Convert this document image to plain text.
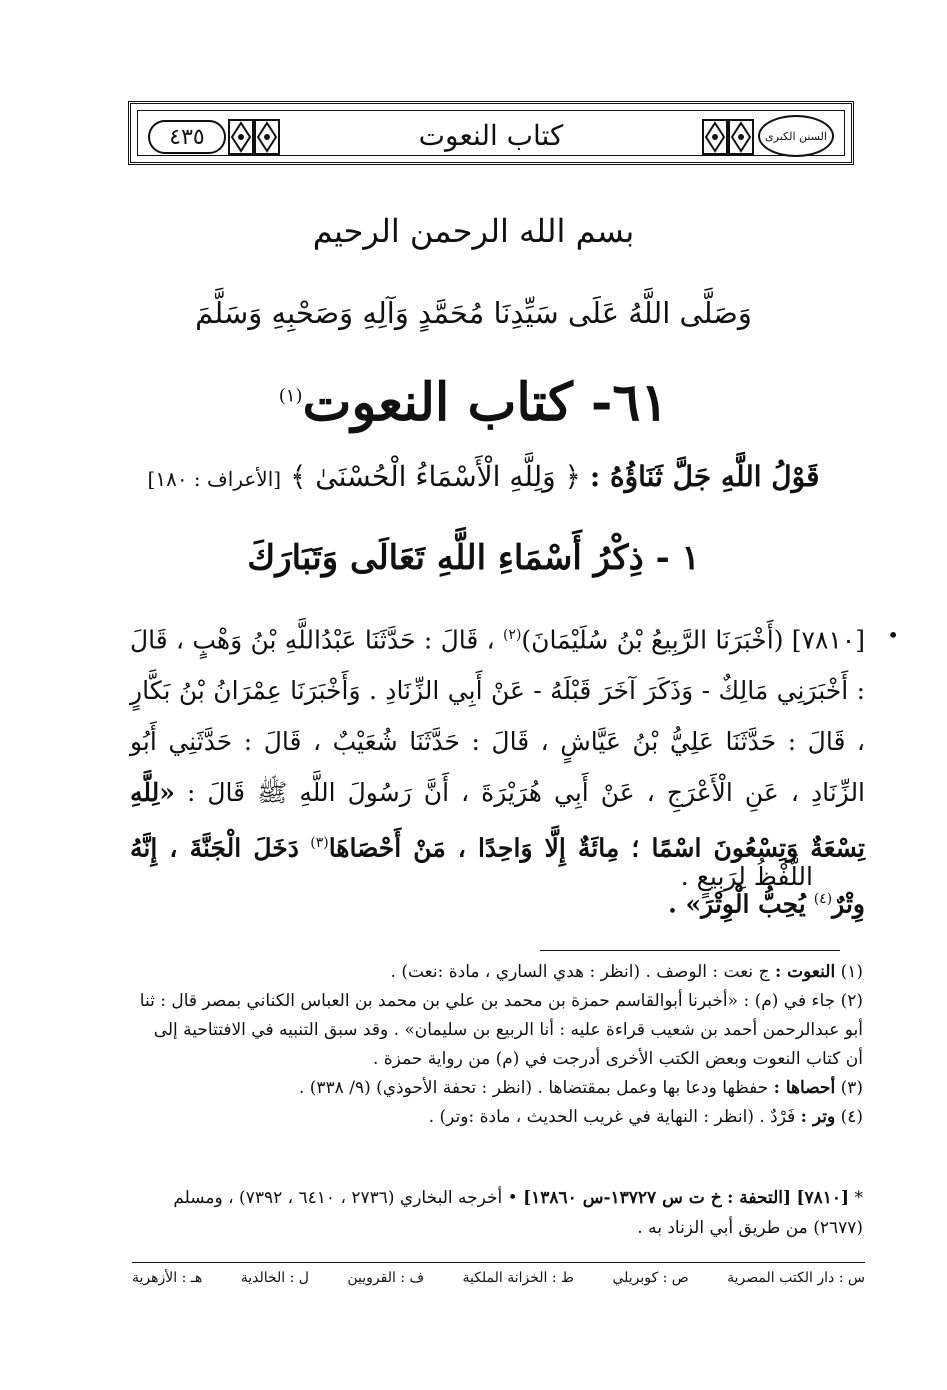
٤٣٥	كتاب النعوت	السنن الكبرى
بسم الله الرحمن الرحيم
وَصَلَّى اللَّهُ عَلَى سَيِّدِنَا مُحَمَّدٍ وَآلِهِ وَصَحْبِهِ وَسَلَّمَ
٦١- كتاب النعوت$^{(١)}$
قَوْلُ اللَّهِ جَلَّ ثَنَاؤُهُ : ﴿ وَلِلَّهِ الْأَسْمَاءُ الْحُسْنَىٰ ﴾ [الأعراف : ١٨٠]
١ - ذِكْرُ أَسْمَاءِ اللَّهِ تَعَالَى وَتَبَارَكَ
•
[٧٨١٠] (أَخْبَرَنَا الرَّبِيعُ بْنُ سُلَيْمَانَ)$^{(٢)}$ ، قَالَ : حَدَّثَنَا عَبْدُاللَّهِ بْنُ وَهْبٍ ، قَالَ : أَخْبَرَنِي مَالِكٌ - وَذَكَرَ آخَرَ قَبْلَهُ - عَنْ أَبِي الزِّنَادِ . وَأَخْبَرَنَا عِمْرَانُ بْنُ بَكَّارٍ ، قَالَ : حَدَّثَنَا عَلِيُّ بْنُ عَيَّاشٍ ، قَالَ : حَدَّثَنَا شُعَيْبٌ ، قَالَ : حَدَّثَنِي أَبُو الزِّنَادِ ، عَنِ الْأَعْرَجِ ، عَنْ أَبِي هُرَيْرَةَ ، أَنَّ رَسُولَ اللَّهِ ﷺ قَالَ : «لِلَّهِ تِسْعَةٌ وَتِسْعُونَ اسْمًا ؛ مِائَةٌ إِلَّا وَاحِدًا ، مَنْ أَحْصَاهَا$^{(٣)}$ دَخَلَ الْجَنَّةَ ، إِنَّهُ وِتْرٌ$^{(٤)}$ يُحِبُّ الْوِتْرَ» .
اللَّفْظُ لِرَبِيعٍ .

(١) النعوت : ج نعت : الوصف . (انظر : هدي الساري ، مادة :نعت) .

(٢) جاء في (م) : «أخبرنا أبوالقاسم حمزة بن محمد بن علي بن محمد بن العباس الكناني بمصر قال : ثنا أبو عبدالرحمن أحمد بن شعيب قراءة عليه : أنا الربيع بن سليمان» . وقد سبق التنبيه في الافتتاحية إلى أن كتاب النعوت وبعض الكتب الأخرى أدرجت في (م) من رواية حمزة .

(٣) أحصاها : حفظها ودعا بها وعمل بمقتضاها . (انظر : تحفة الأحوذي) (٩/ ٣٣٨) .

(٤) وتر : فَرْدٌ . (انظر : النهاية في غريب الحديث ، مادة :وتر) .

* [٧٨١٠] [التحفة : خ ت س ١٣٧٢٧-س ١٣٨٦٠] • أخرجه البخاري (٢٧٣٦ ، ٦٤١٠ ، ٧٣٩٢) ، ومسلم (٢٦٧٧) من طريق أبي الزناد به .
س : دار الكتب المصرية
ص : كوبريلي
ط : الخزانة الملكية
ف : القرويين
ل : الخالدية
هـ : الأزهرية
